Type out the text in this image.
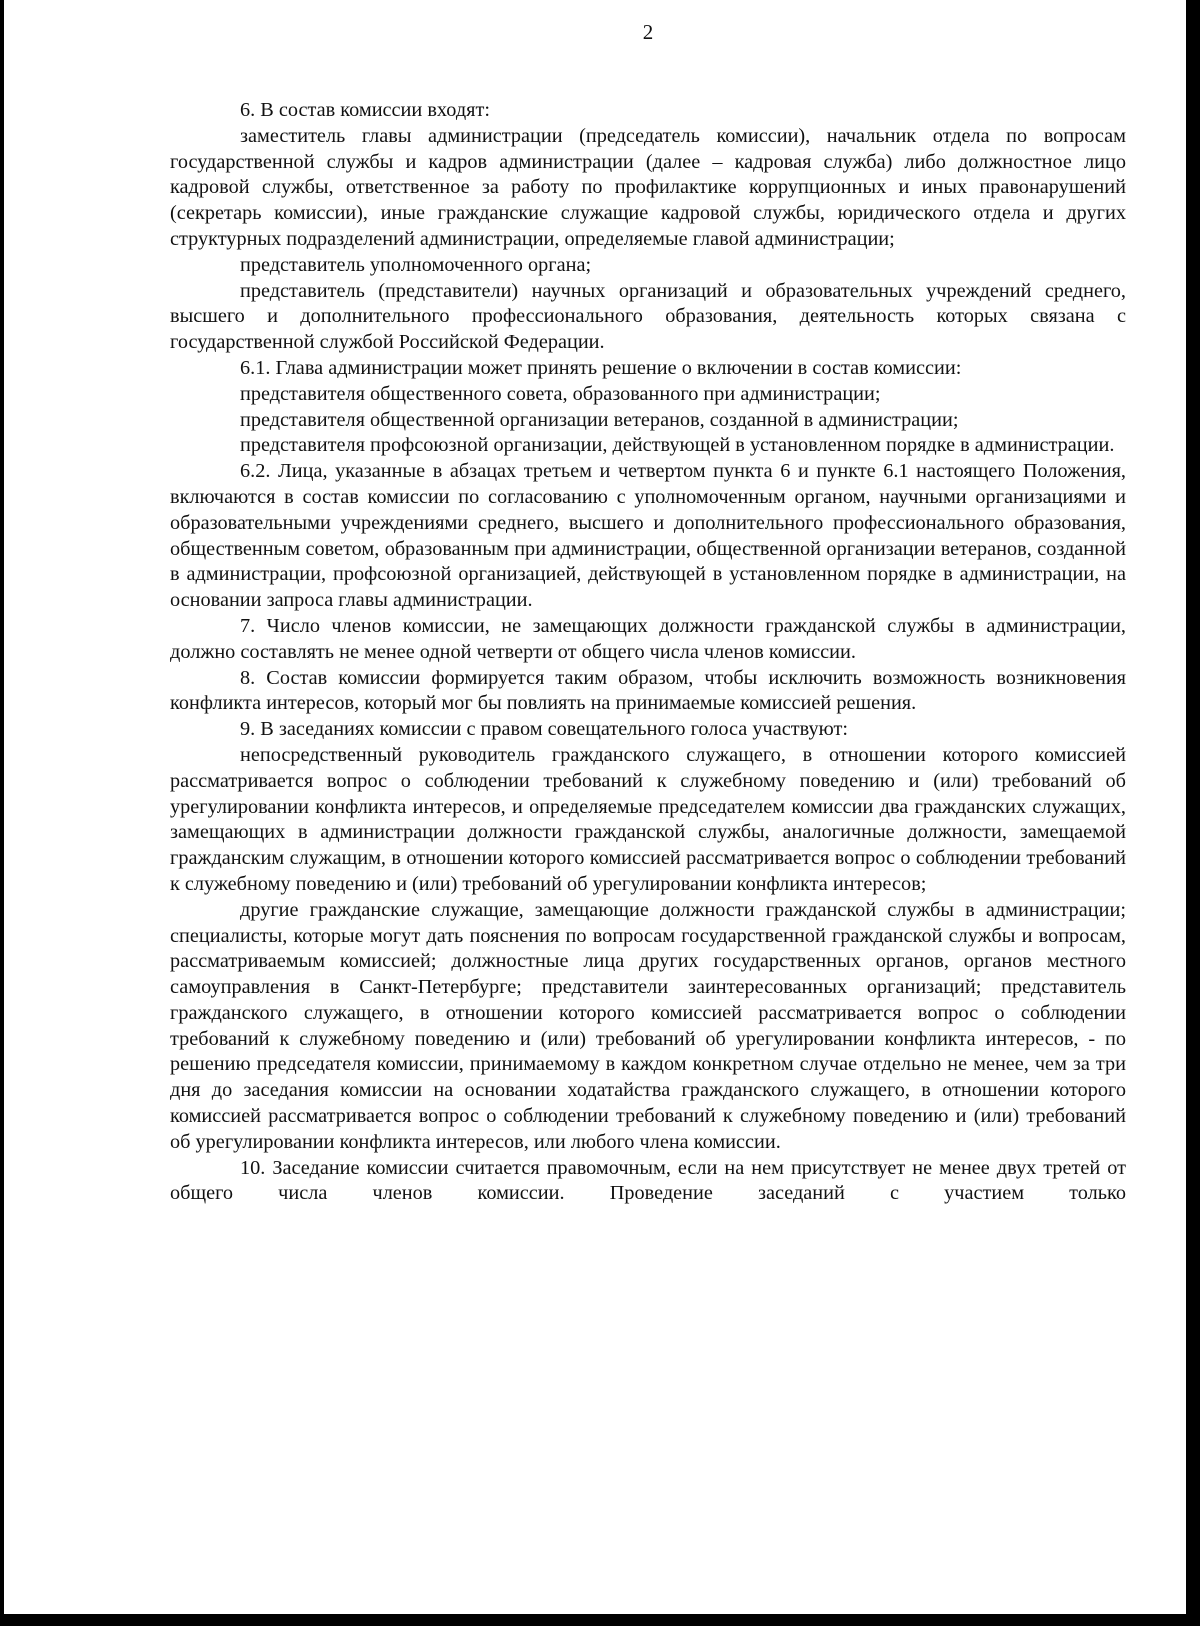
2

6. В состав комиссии входят:

заместитель главы администрации (председатель комиссии), начальник отдела по вопросам государственной службы и кадров администрации (далее – кадровая служба) либо должностное лицо кадровой службы, ответственное за работу по профилактике коррупционных и иных правонарушений (секретарь комиссии), иные гражданские служащие кадровой службы, юридического отдела и других структурных подразделений администрации, определяемые главой администрации;

представитель уполномоченного органа;

представитель (представители) научных организаций и образовательных учреждений среднего, высшего и дополнительного профессионального образования, деятельность которых связана с государственной службой Российской Федерации.

6.1. Глава администрации может принять решение о включении в состав комиссии:

представителя общественного совета, образованного при администрации;

представителя общественной организации ветеранов, созданной в администрации;

представителя профсоюзной организации, действующей в установленном порядке в администрации.

6.2. Лица, указанные в абзацах третьем и четвертом пункта 6 и пункте 6.1 настоящего Положения, включаются в состав комиссии по согласованию с уполномоченным органом, научными организациями и образовательными учреждениями среднего, высшего и дополнительного профессионального образования, общественным советом, образованным при администрации, общественной организации ветеранов, созданной в администрации, профсоюзной организацией, действующей в установленном порядке в администрации, на основании запроса главы администрации.

7. Число членов комиссии, не замещающих должности гражданской службы в администрации, должно составлять не менее одной четверти от общего числа членов комиссии.

8. Состав комиссии формируется таким образом, чтобы исключить возможность возникновения конфликта интересов, который мог бы повлиять на принимаемые комиссией решения.

9. В заседаниях комиссии с правом совещательного голоса участвуют:

непосредственный руководитель гражданского служащего, в отношении которого комиссией рассматривается вопрос о соблюдении требований к служебному поведению и (или) требований об урегулировании конфликта интересов, и определяемые председателем комиссии два гражданских служащих, замещающих в администрации должности гражданской службы, аналогичные должности, замещаемой гражданским служащим, в отношении которого комиссией рассматривается вопрос о соблюдении требований к служебному поведению и (или) требований об урегулировании конфликта интересов;

другие гражданские служащие, замещающие должности гражданской службы в администрации; специалисты, которые могут дать пояснения по вопросам государственной гражданской службы и вопросам, рассматриваемым комиссией; должностные лица других государственных органов, органов местного самоуправления в Санкт-Петербурге; представители заинтересованных организаций; представитель гражданского служащего, в отношении которого комиссией рассматривается вопрос о соблюдении требований к служебному поведению и (или) требований об урегулировании конфликта интересов, - по решению председателя комиссии, принимаемому в каждом конкретном случае отдельно не менее, чем за три дня до заседания комиссии на основании ходатайства гражданского служащего, в отношении которого комиссией рассматривается вопрос о соблюдении требований к служебному поведению и (или) требований об урегулировании конфликта интересов, или любого члена комиссии.

10. Заседание комиссии считается правомочным, если на нем присутствует не менее двух третей от общего числа членов комиссии. Проведение заседаний с участием только
